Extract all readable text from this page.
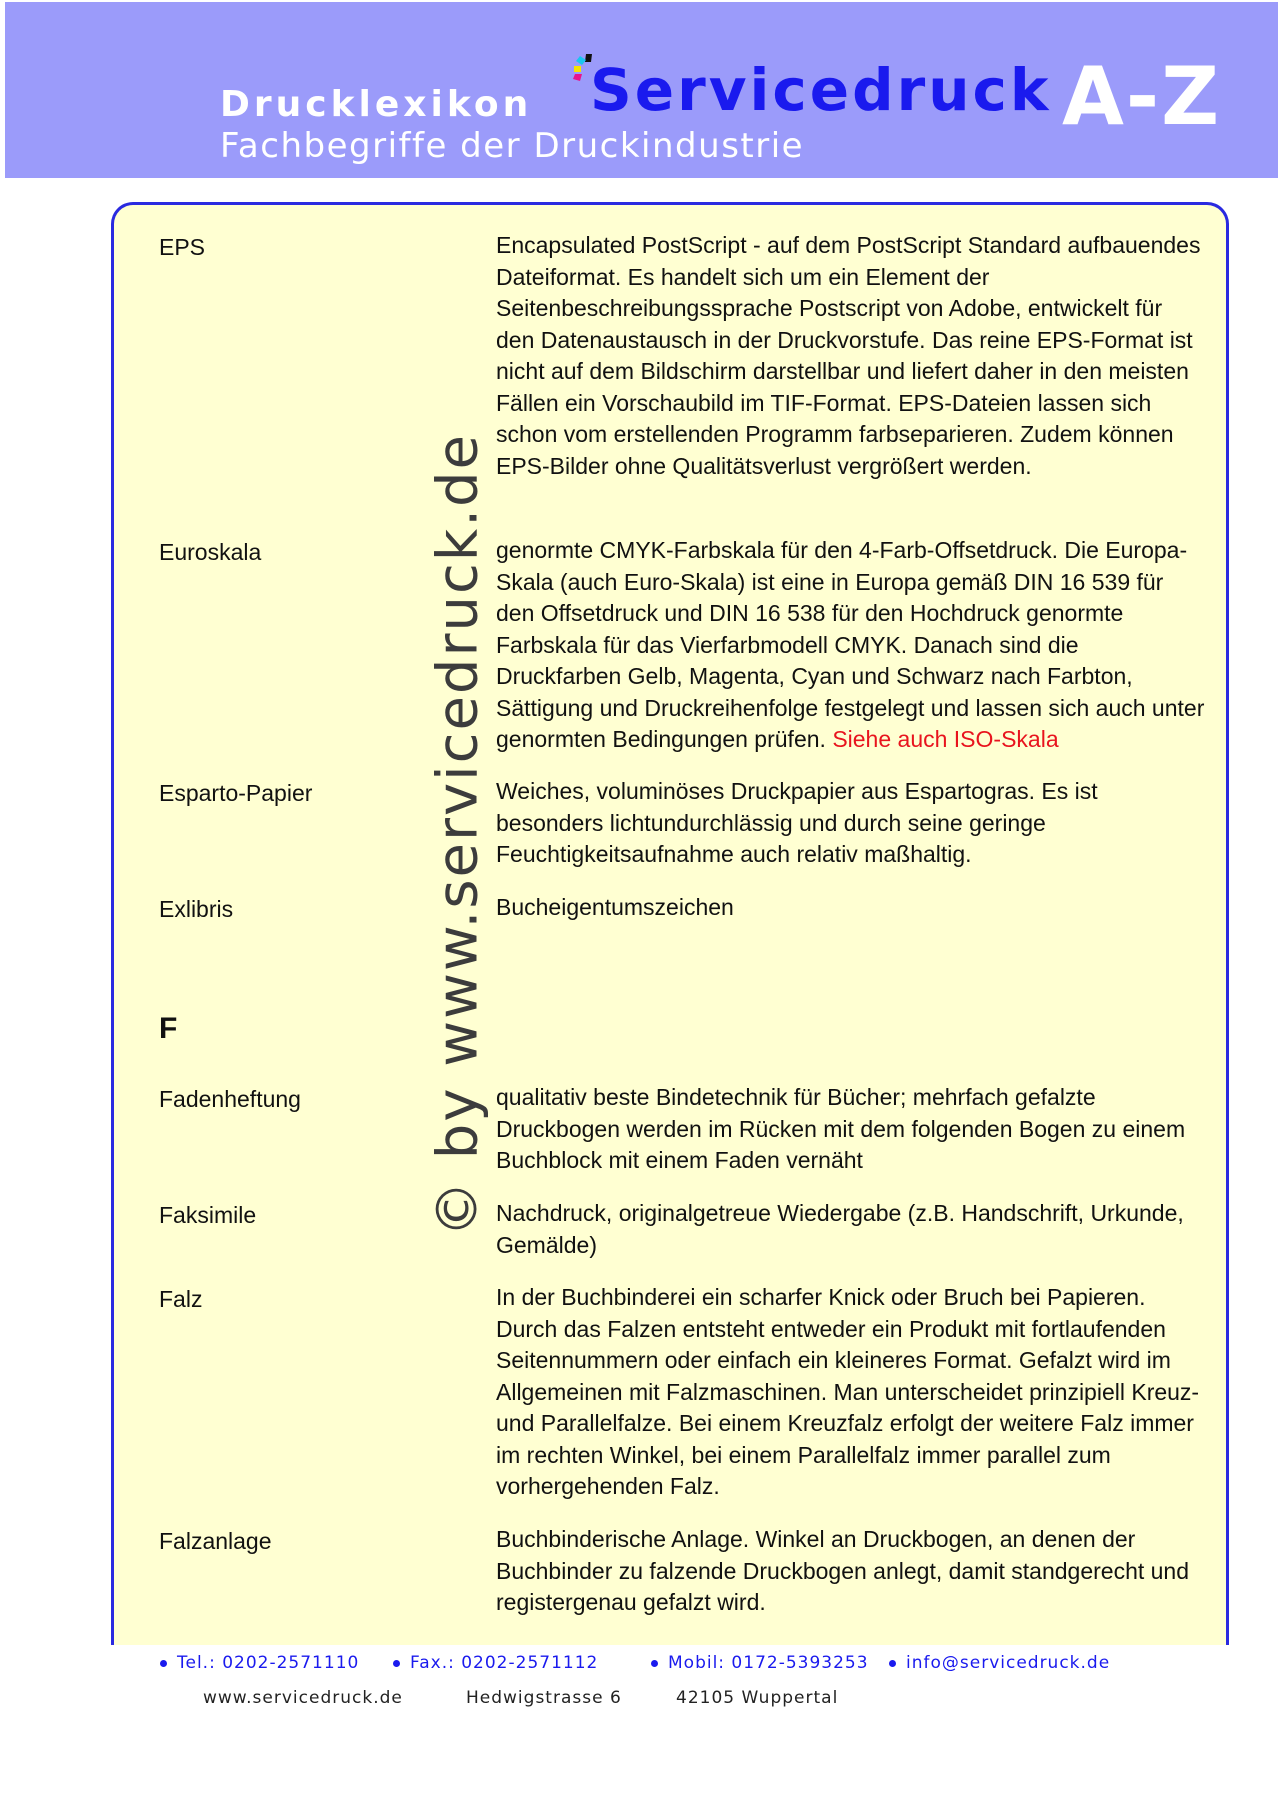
Drucklexikon
Fachbegriffe der Druckindustrie
Servicedruck A-Z
© by www.servicedruck.de
EPS	Encapsulated PostScript - auf dem PostScript Standard aufbauendes Dateiformat. Es handelt sich um ein Element der Seitenbeschreibungssprache Postscript von Adobe, entwickelt für den Datenaustausch in der Druckvorstufe. Das reine EPS-Format ist nicht auf dem Bildschirm darstellbar und liefert daher in den meisten Fällen ein Vorschaubild im TIF-Format. EPS-Dateien lassen sich schon vom erstellenden Programm farbseparieren. Zudem können EPS-Bilder ohne Qualitätsverlust vergrößert werden.
Euroskala	genormte CMYK-Farbskala für den 4-Farb-Offsetdruck. Die Europa-Skala (auch Euro-Skala) ist eine in Europa gemäß DIN 16 539 für den Offsetdruck und DIN 16 538 für den Hochdruck genormte Farbskala für das Vierfarbmodell CMYK. Danach sind die Druckfarben Gelb, Magenta, Cyan und Schwarz nach Farbton, Sättigung und Druckreihenfolge festgelegt und lassen sich auch unter genormten Bedingungen prüfen. Siehe auch ISO-Skala
Esparto-Papier	Weiches, voluminöses Druckpapier aus Espartogras. Es ist besonders lichtundurchlässig und durch seine geringe Feuchtigkeitsaufnahme auch relativ maßhaltig.
Exlibris	Bucheigentumszeichen
F
Fadenheftung	qualitativ beste Bindetechnik für Bücher; mehrfach gefalzte Druckbogen werden im Rücken mit dem folgenden Bogen zu einem Buchblock mit einem Faden vernäht
Faksimile	Nachdruck, originalgetreue Wiedergabe (z.B. Handschrift, Urkunde, Gemälde)
Falz	In der Buchbinderei ein scharfer Knick oder Bruch bei Papieren. Durch das Falzen entsteht entweder ein Produkt mit fortlaufenden Seitennummern oder einfach ein kleineres Format. Gefalzt wird im Allgemeinen mit Falzmaschinen. Man unterscheidet prinzipiell Kreuz- und Parallelfalze. Bei einem Kreuzfalz erfolgt der weitere Falz immer im rechten Winkel, bei einem Parallelfalz immer parallel zum vorhergehenden Falz.
Falzanlage	Buchbinderische Anlage. Winkel an Druckbogen, an denen der Buchbinder zu falzende Druckbogen anlegt, damit standgerecht und registergenau gefalzt wird.
Tel.: 0202-2571110	Fax.: 0202-2571112	Mobil: 0172-5393253	info@servicedruck.de
www.servicedruck.de	Hedwigstrasse 6	42105 Wuppertal
